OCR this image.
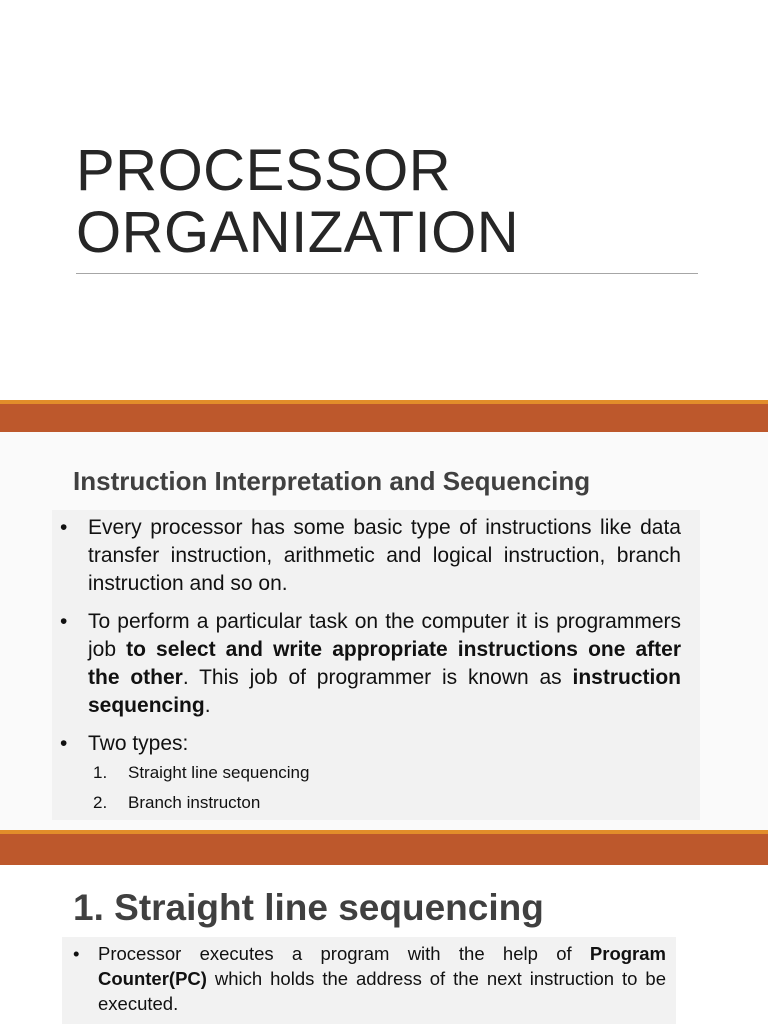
PROCESSOR
ORGANIZATION
Instruction Interpretation and Sequencing
• Every processor has some basic type of instructions like data transfer instruction, arithmetic and logical instruction, branch instruction and so on.
• To perform a particular task on the computer it is programmers job to select and write appropriate instructions one after the other. This job of programmer is known as instruction sequencing.
• Two types:
1. Straight line sequencing
2. Branch instructon
1. Straight line sequencing
• Processor executes a program with the help of Program Counter(PC) which holds the address of the next instruction to be executed.
